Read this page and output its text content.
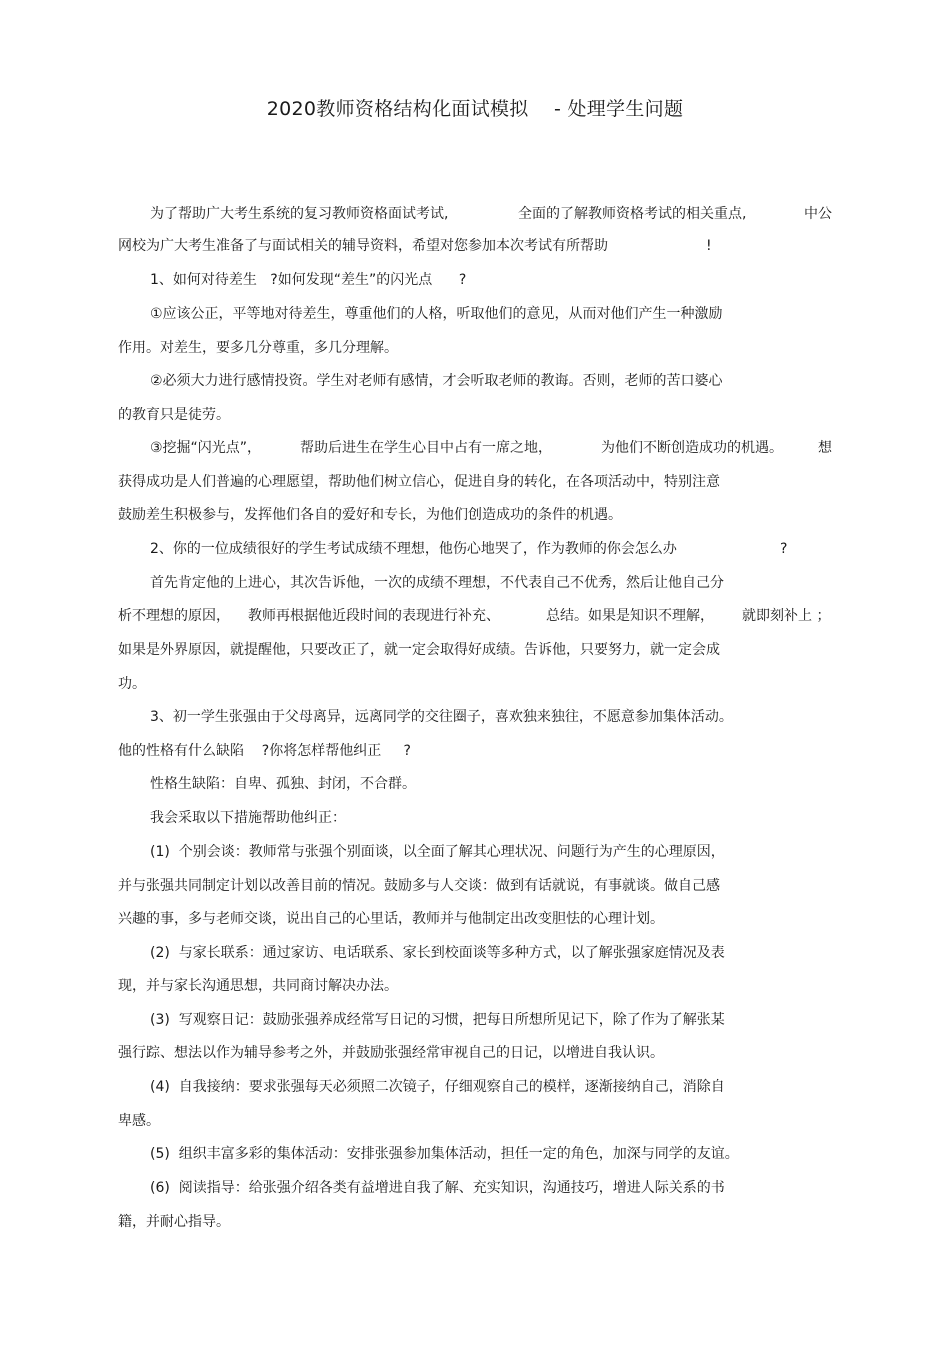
2020教师资格结构化面试模拟    - 处理学生问题
为了帮助广大考生系统的复习教师资格面试考试,	全面的了解教师资格考试的相关重点,	中公
网校为广大考生准备了与面试相关的辅导资料，希望对您参加本次考试有所帮助	!
1、如何对待差生   ?如何发现“差生”的闪光点      ?
①应该公正，平等地对待差生，尊重他们的人格，听取他们的意见，从而对他们产生一种激励
作用。对差生，要多几分尊重，多几分理解。
②必须大力进行感情投资。学生对老师有感情，才会听取老师的教诲。否则，老师的苦口婆心
的教育只是徒劳。
③挖掘“闪光点”，	帮助后进生在学生心目中占有一席之地，	为他们不断创造成功的机遇。	想
获得成功是人们普遍的心理愿望，帮助他们树立信心，促进自身的转化，在各项活动中，特别注意
鼓励差生积极参与，发挥他们各自的爱好和专长，为他们创造成功的条件的机遇。
2、你的一位成绩很好的学生考试成绩不理想，他伤心地哭了，作为教师的你会怎么办	?
首先肯定他的上进心，其次告诉他，一次的成绩不理想，不代表自己不优秀，然后让他自己分
析不理想的原因， 教师再根据他近段时间的表现进行补充、	总结。如果是知识不理解， 就即刻补上 ；
如果是外界原因，就提醒他，只要改正了，就一定会取得好成绩。告诉他，只要努力，就一定会成
功。
3、初一学生张强由于父母离异，远离同学的交往圈子，喜欢独来独往，不愿意参加集体活动。
他的性格有什么缺陷    ?你将怎样帮他纠正     ?
性格生缺陷：自卑、孤独、封闭，不合群。
我会采取以下措施帮助他纠正：
(1)  个别会谈：教师常与张强个别面谈，以全面了解其心理状况、问题行为产生的心理原因，
并与张强共同制定计划以改善目前的情况。鼓励多与人交谈：做到有话就说，有事就谈。做自己感
兴趣的事，多与老师交谈，说出自己的心里话，教师并与他制定出改变胆怯的心理计划。
(2)  与家长联系：通过家访、电话联系、家长到校面谈等多种方式，以了解张强家庭情况及表
现，并与家长沟通思想，共同商讨解决办法。
(3)  写观察日记：鼓励张强养成经常写日记的习惯，把每日所想所见记下，除了作为了解张某
强行踪、想法以作为辅导参考之外，并鼓励张强经常审视自己的日记，以增进自我认识。
(4)  自我接纳：要求张强每天必须照二次镜子，仔细观察自己的模样，逐渐接纳自己，消除自
卑感。
(5)  组织丰富多彩的集体活动：安排张强参加集体活动，担任一定的角色，加深与同学的友谊。
(6)  阅读指导：给张强介绍各类有益增进自我了解、充实知识，沟通技巧，增进人际关系的书
籍，并耐心指导。
